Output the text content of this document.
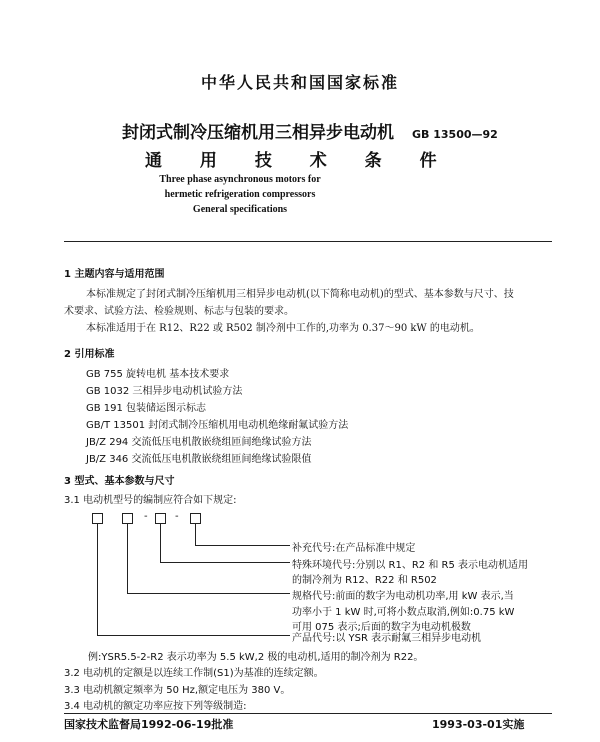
中华人民共和国国家标准
封闭式制冷压缩机用三相异步电动机
通 用 技 术 条 件
GB 13500—92
Three phase asynchronous motors for
hermetic refrigeration compressors
General specifications
1 主题内容与适用范围
本标准规定了封闭式制冷压缩机用三相异步电动机(以下简称电动机)的型式、基本参数与尺寸、技
术要求、试验方法、检验规则、标志与包装的要求。
本标准适用于在 R12、R22 或 R502 制冷剂中工作的,功率为 0.37～90 kW 的电动机。
2 引用标准
GB 755 旋转电机 基本技术要求
GB 1032 三相异步电动机试验方法
GB 191 包装储运图示标志
GB/T 13501 封闭式制冷压缩机用电动机绝缘耐氟试验方法
JB/Z 294 交流低压电机散嵌绕组匝间绝缘试验方法
JB/Z 346 交流低压电机散嵌绕组匝间绝缘试验限值
3 型式、基本参数与尺寸
3.1 电动机型号的编制应符合如下规定:
-	-
补充代号:在产品标准中规定
特殊环境代号:分别以 R1、R2 和 R5 表示电动机适用
的制冷剂为 R12、R22 和 R502
规格代号:前面的数字为电动机功率,用 kW 表示,当
功率小于 1 kW 时,可将小数点取消,例如:0.75 kW
可用 075 表示;后面的数字为电动机极数
产品代号:以 YSR 表示耐氟三相异步电动机
例:YSR5.5-2-R2 表示功率为 5.5 kW,2 极的电动机,适用的制冷剂为 R22。
3.2 电动机的定额是以连续工作制(S1)为基准的连续定额。
3.3 电动机额定频率为 50 Hz,额定电压为 380 V。
3.4 电动机的额定功率应按下列等级制造:
国家技术监督局1992-06-19批准	1993-03-01实施
